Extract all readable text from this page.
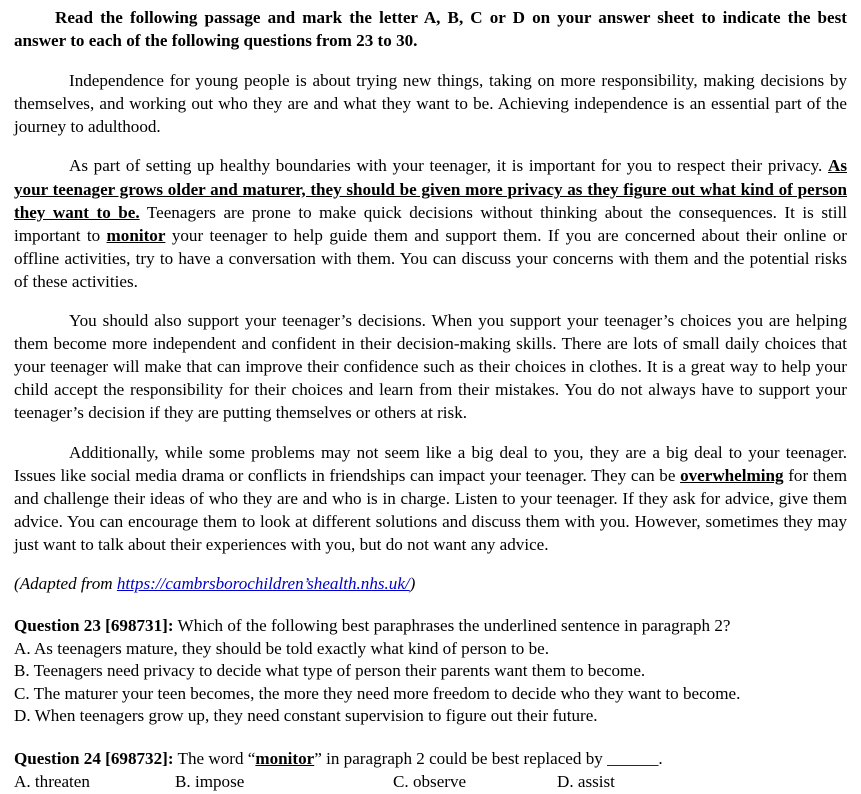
Read the following passage and mark the letter A, B, C or D on your answer sheet to indicate the best answer to each of the following questions from 23 to 30.

Independence for young people is about trying new things, taking on more responsibility, making decisions by themselves, and working out who they are and what they want to be. Achieving independence is an essential part of the journey to adulthood.

As part of setting up healthy boundaries with your teenager, it is important for you to respect their privacy. As your teenager grows older and maturer, they should be given more privacy as they figure out what kind of person they want to be. Teenagers are prone to make quick decisions without thinking about the consequences. It is still important to monitor your teenager to help guide them and support them. If you are concerned about their online or offline activities, try to have a conversation with them. You can discuss your concerns with them and the potential risks of these activities.

You should also support your teenager’s decisions. When you support your teenager’s choices you are helping them become more independent and confident in their decision-making skills. There are lots of small daily choices that your teenager will make that can improve their confidence such as their choices in clothes. It is a great way to help your child accept the responsibility for their choices and learn from their mistakes. You do not always have to support your teenager’s decision if they are putting themselves or others at risk.

Additionally, while some problems may not seem like a big deal to you, they are a big deal to your teenager. Issues like social media drama or conflicts in friendships can impact your teenager. They can be overwhelming for them and challenge their ideas of who they are and who is in charge. Listen to your teenager. If they ask for advice, give them advice. You can encourage them to look at different solutions and discuss them with you. However, sometimes they may just want to talk about their experiences with you, but do not want any advice.

(Adapted from https://cambrsborochildren’shealth.nhs.uk/)

Question 23 [698731]: Which of the following best paraphrases the underlined sentence in paragraph 2?

A. As teenagers mature, they should be told exactly what kind of person to be.

B. Teenagers need privacy to decide what type of person their parents want them to become.

C. The maturer your teen becomes, the more they need more freedom to decide who they want to become.

D. When teenagers grow up, they need constant supervision to figure out their future.

Question 24 [698732]: The word “monitor” in paragraph 2 could be best replaced by ______.

A. threaten	B. impose	C. observe	D. assist
